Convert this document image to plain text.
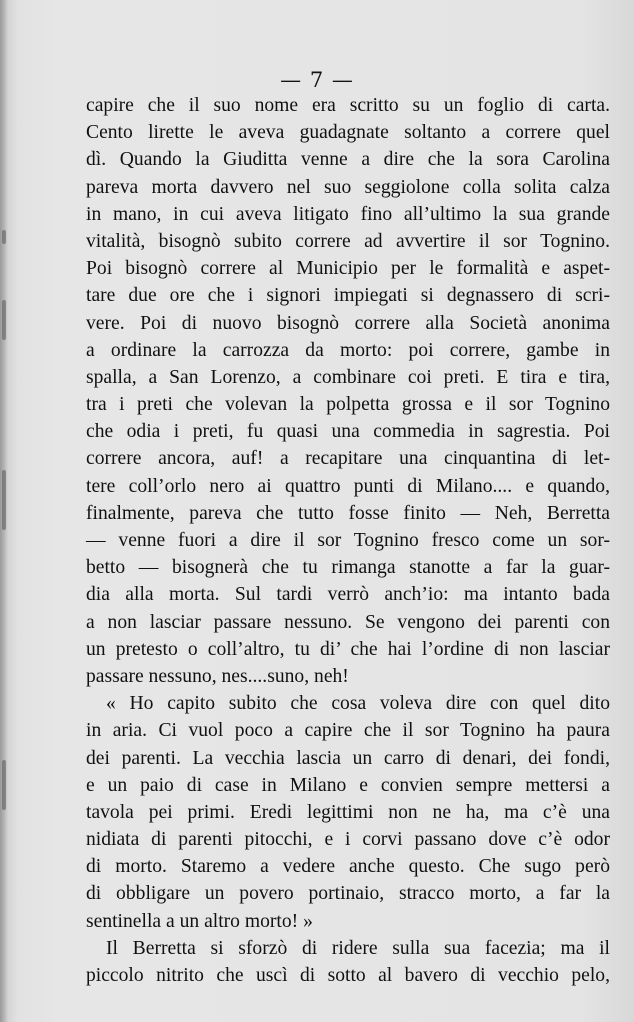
— 7 —
capire che il suo nome era scritto su un foglio di carta.
Cento lirette le aveva guadagnate soltanto a correre quel
dì. Quando la Giuditta venne a dire che la sora Carolina
pareva morta davvero nel suo seggiolone colla solita calza
in mano, in cui aveva litigato fino all’ultimo la sua grande
vitalità, bisognò subito correre ad avvertire il sor Tognino.
Poi bisognò correre al Municipio per le formalità e aspet-
tare due ore che i signori impiegati si degnassero di scri-
vere. Poi di nuovo bisognò correre alla Società anonima
a ordinare la carrozza da morto: poi correre, gambe in
spalla, a San Lorenzo, a combinare coi preti. E tira e tira,
tra i preti che volevan la polpetta grossa e il sor Tognino
che odia i preti, fu quasi una commedia in sagrestia. Poi
correre ancora, auf! a recapitare una cinquantina di let-
tere coll’orlo nero ai quattro punti di Milano.... e quando,
finalmente, pareva che tutto fosse finito — Neh, Berretta
— venne fuori a dire il sor Tognino fresco come un sor-
betto — bisognerà che tu rimanga stanotte a far la guar-
dia alla morta. Sul tardi verrò anch’io: ma intanto bada
a non lasciar passare nessuno. Se vengono dei parenti con
un pretesto o coll’altro, tu di’ che hai l’ordine di non lasciar
passare nessuno, nes....suno, neh!
« Ho capito subito che cosa voleva dire con quel dito
in aria. Ci vuol poco a capire che il sor Tognino ha paura
dei parenti. La vecchia lascia un carro di denari, dei fondi,
e un paio di case in Milano e convien sempre mettersi a
tavola pei primi. Eredi legittimi non ne ha, ma c’è una
nidiata di parenti pitocchi, e i corvi passano dove c’è odor
di morto. Staremo a vedere anche questo. Che sugo però
di obbligare un povero portinaio, stracco morto, a far la
sentinella a un altro morto! »
Il Berretta si sforzò di ridere sulla sua facezia; ma il
piccolo nitrito che uscì di sotto al bavero di vecchio pelo,
